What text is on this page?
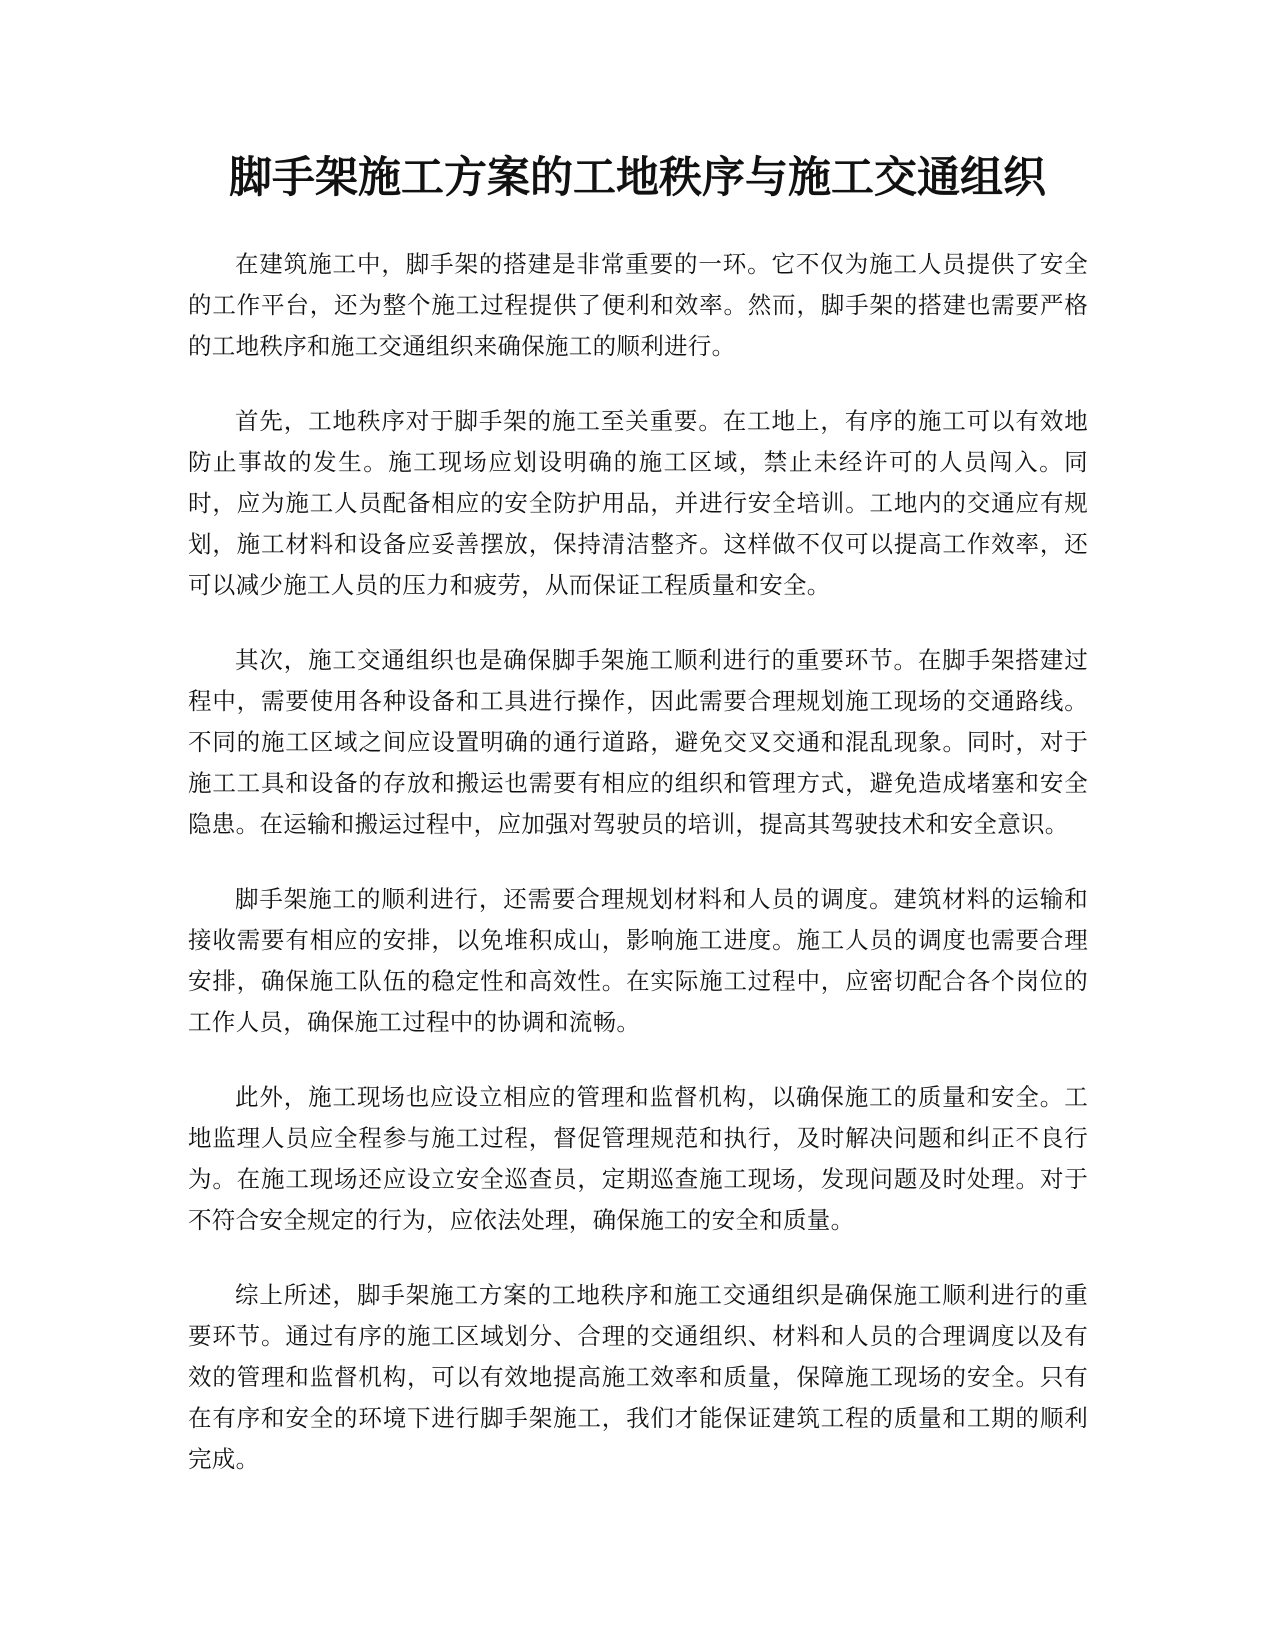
脚手架施工方案的工地秩序与施工交通组织

在建筑施工中，脚手架的搭建是非常重要的一环。它不仅为施工人员提供了安全的工作平台，还为整个施工过程提供了便利和效率。然而，脚手架的搭建也需要严格的工地秩序和施工交通组织来确保施工的顺利进行。

首先，工地秩序对于脚手架的施工至关重要。在工地上，有序的施工可以有效地防止事故的发生。施工现场应划设明确的施工区域，禁止未经许可的人员闯入。同时，应为施工人员配备相应的安全防护用品，并进行安全培训。工地内的交通应有规划，施工材料和设备应妥善摆放，保持清洁整齐。这样做不仅可以提高工作效率，还可以减少施工人员的压力和疲劳，从而保证工程质量和安全。

其次，施工交通组织也是确保脚手架施工顺利进行的重要环节。在脚手架搭建过程中，需要使用各种设备和工具进行操作，因此需要合理规划施工现场的交通路线。不同的施工区域之间应设置明确的通行道路，避免交叉交通和混乱现象。同时，对于施工工具和设备的存放和搬运也需要有相应的组织和管理方式，避免造成堵塞和安全隐患。在运输和搬运过程中，应加强对驾驶员的培训，提高其驾驶技术和安全意识。

脚手架施工的顺利进行，还需要合理规划材料和人员的调度。建筑材料的运输和接收需要有相应的安排，以免堆积成山，影响施工进度。施工人员的调度也需要合理安排，确保施工队伍的稳定性和高效性。在实际施工过程中，应密切配合各个岗位的工作人员，确保施工过程中的协调和流畅。

此外，施工现场也应设立相应的管理和监督机构，以确保施工的质量和安全。工地监理人员应全程参与施工过程，督促管理规范和执行，及时解决问题和纠正不良行为。在施工现场还应设立安全巡查员，定期巡查施工现场，发现问题及时处理。对于不符合安全规定的行为，应依法处理，确保施工的安全和质量。

综上所述，脚手架施工方案的工地秩序和施工交通组织是确保施工顺利进行的重要环节。通过有序的施工区域划分、合理的交通组织、材料和人员的合理调度以及有效的管理和监督机构，可以有效地提高施工效率和质量，保障施工现场的安全。只有在有序和安全的环境下进行脚手架施工，我们才能保证建筑工程的质量和工期的顺利完成。
